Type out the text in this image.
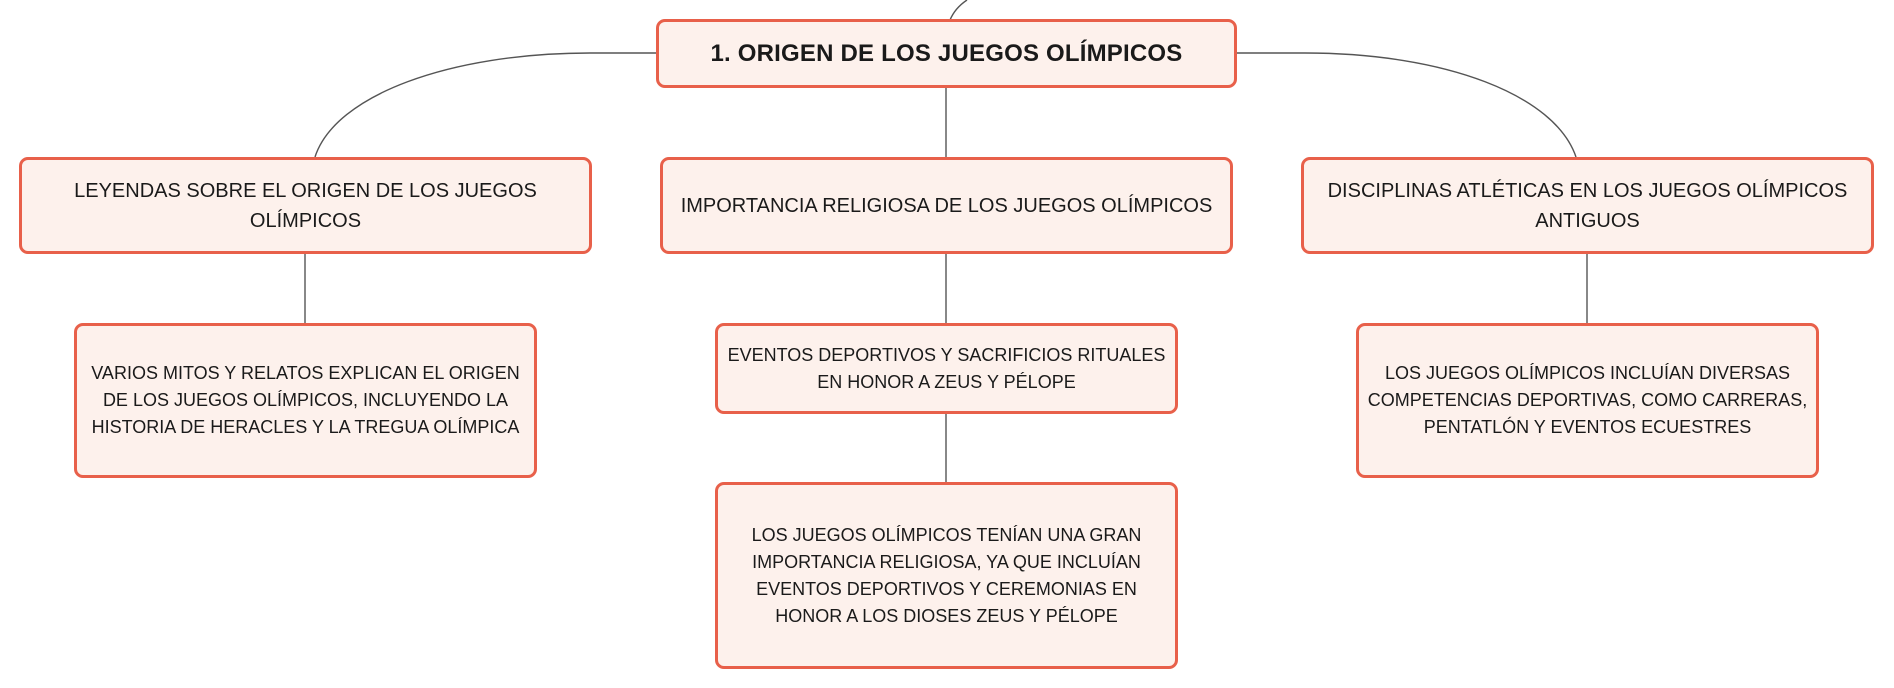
1. ORIGEN DE LOS JUEGOS OLÍMPICOS
LEYENDAS SOBRE EL ORIGEN DE LOS JUEGOS OLÍMPICOS
IMPORTANCIA RELIGIOSA DE LOS JUEGOS OLÍMPICOS
DISCIPLINAS ATLÉTICAS EN LOS JUEGOS OLÍMPICOS ANTIGUOS
VARIOS MITOS Y RELATOS EXPLICAN EL ORIGEN DE LOS JUEGOS OLÍMPICOS, INCLUYENDO LA HISTORIA DE HERACLES Y LA TREGUA OLÍMPICA
EVENTOS DEPORTIVOS Y SACRIFICIOS RITUALES EN HONOR A ZEUS Y PÉLOPE
LOS JUEGOS OLÍMPICOS TENÍAN UNA GRAN IMPORTANCIA RELIGIOSA, YA QUE INCLUÍAN EVENTOS DEPORTIVOS Y CEREMONIAS EN HONOR A LOS DIOSES ZEUS Y PÉLOPE
LOS JUEGOS OLÍMPICOS INCLUÍAN DIVERSAS COMPETENCIAS DEPORTIVAS, COMO CARRERAS, PENTATLÓN Y EVENTOS ECUESTRES
